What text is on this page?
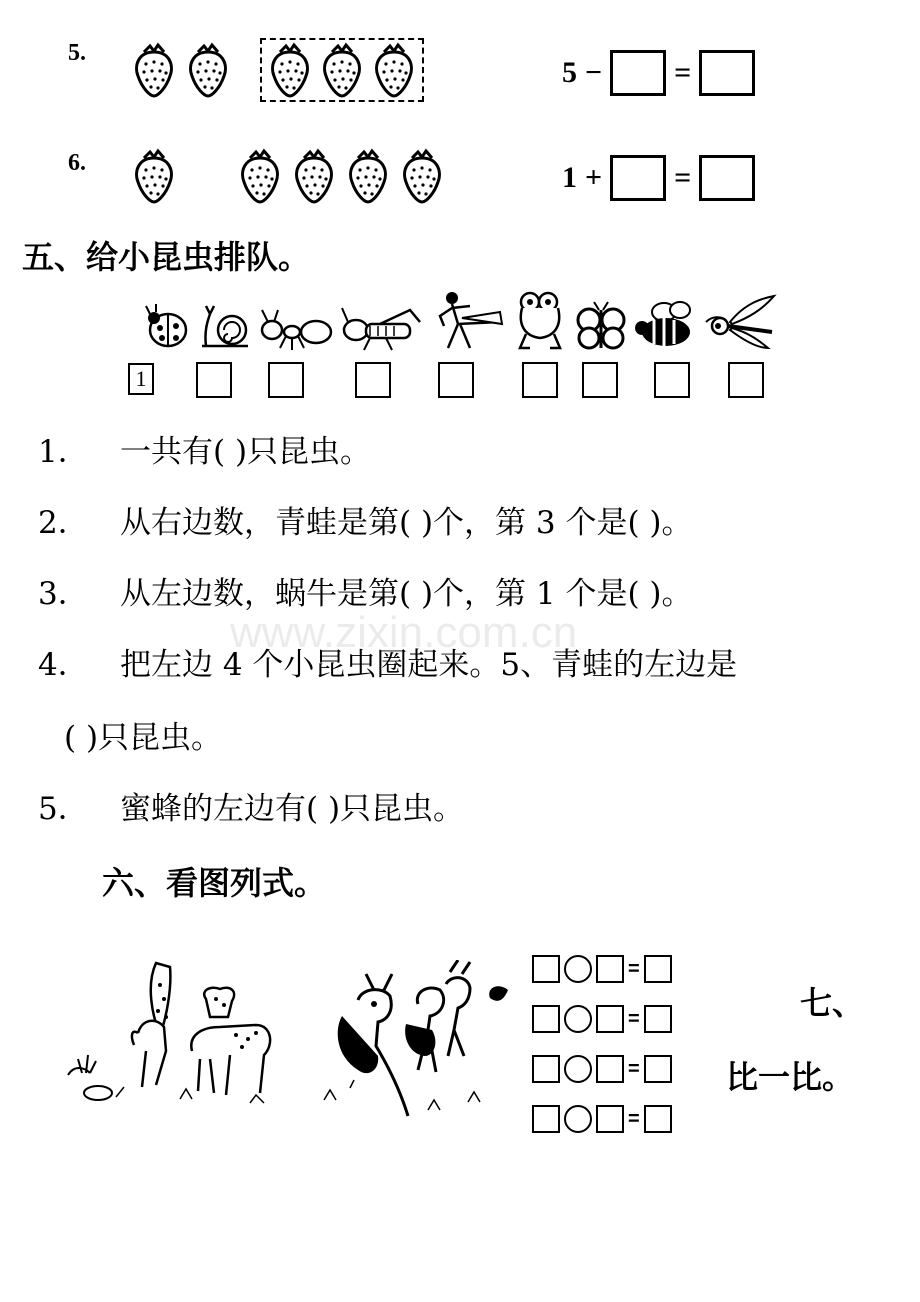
5.
5 − =
6.	1 + =
五、给小昆虫排队。
1
1． 一共有( )只昆虫。
2． 从右边数，青蛙是第( )个，第 3 个是( )。
3． 从左边数，蜗牛是第( )个，第 1 个是( )。
4． 把左边 4 个小昆虫圈起来。5、青蛙的左边是
( )只昆虫。
5． 蜜蜂的左边有( )只昆虫。
www.zixin.com.cn
六、看图列式。
=
=
=
=
七、
比一比。
